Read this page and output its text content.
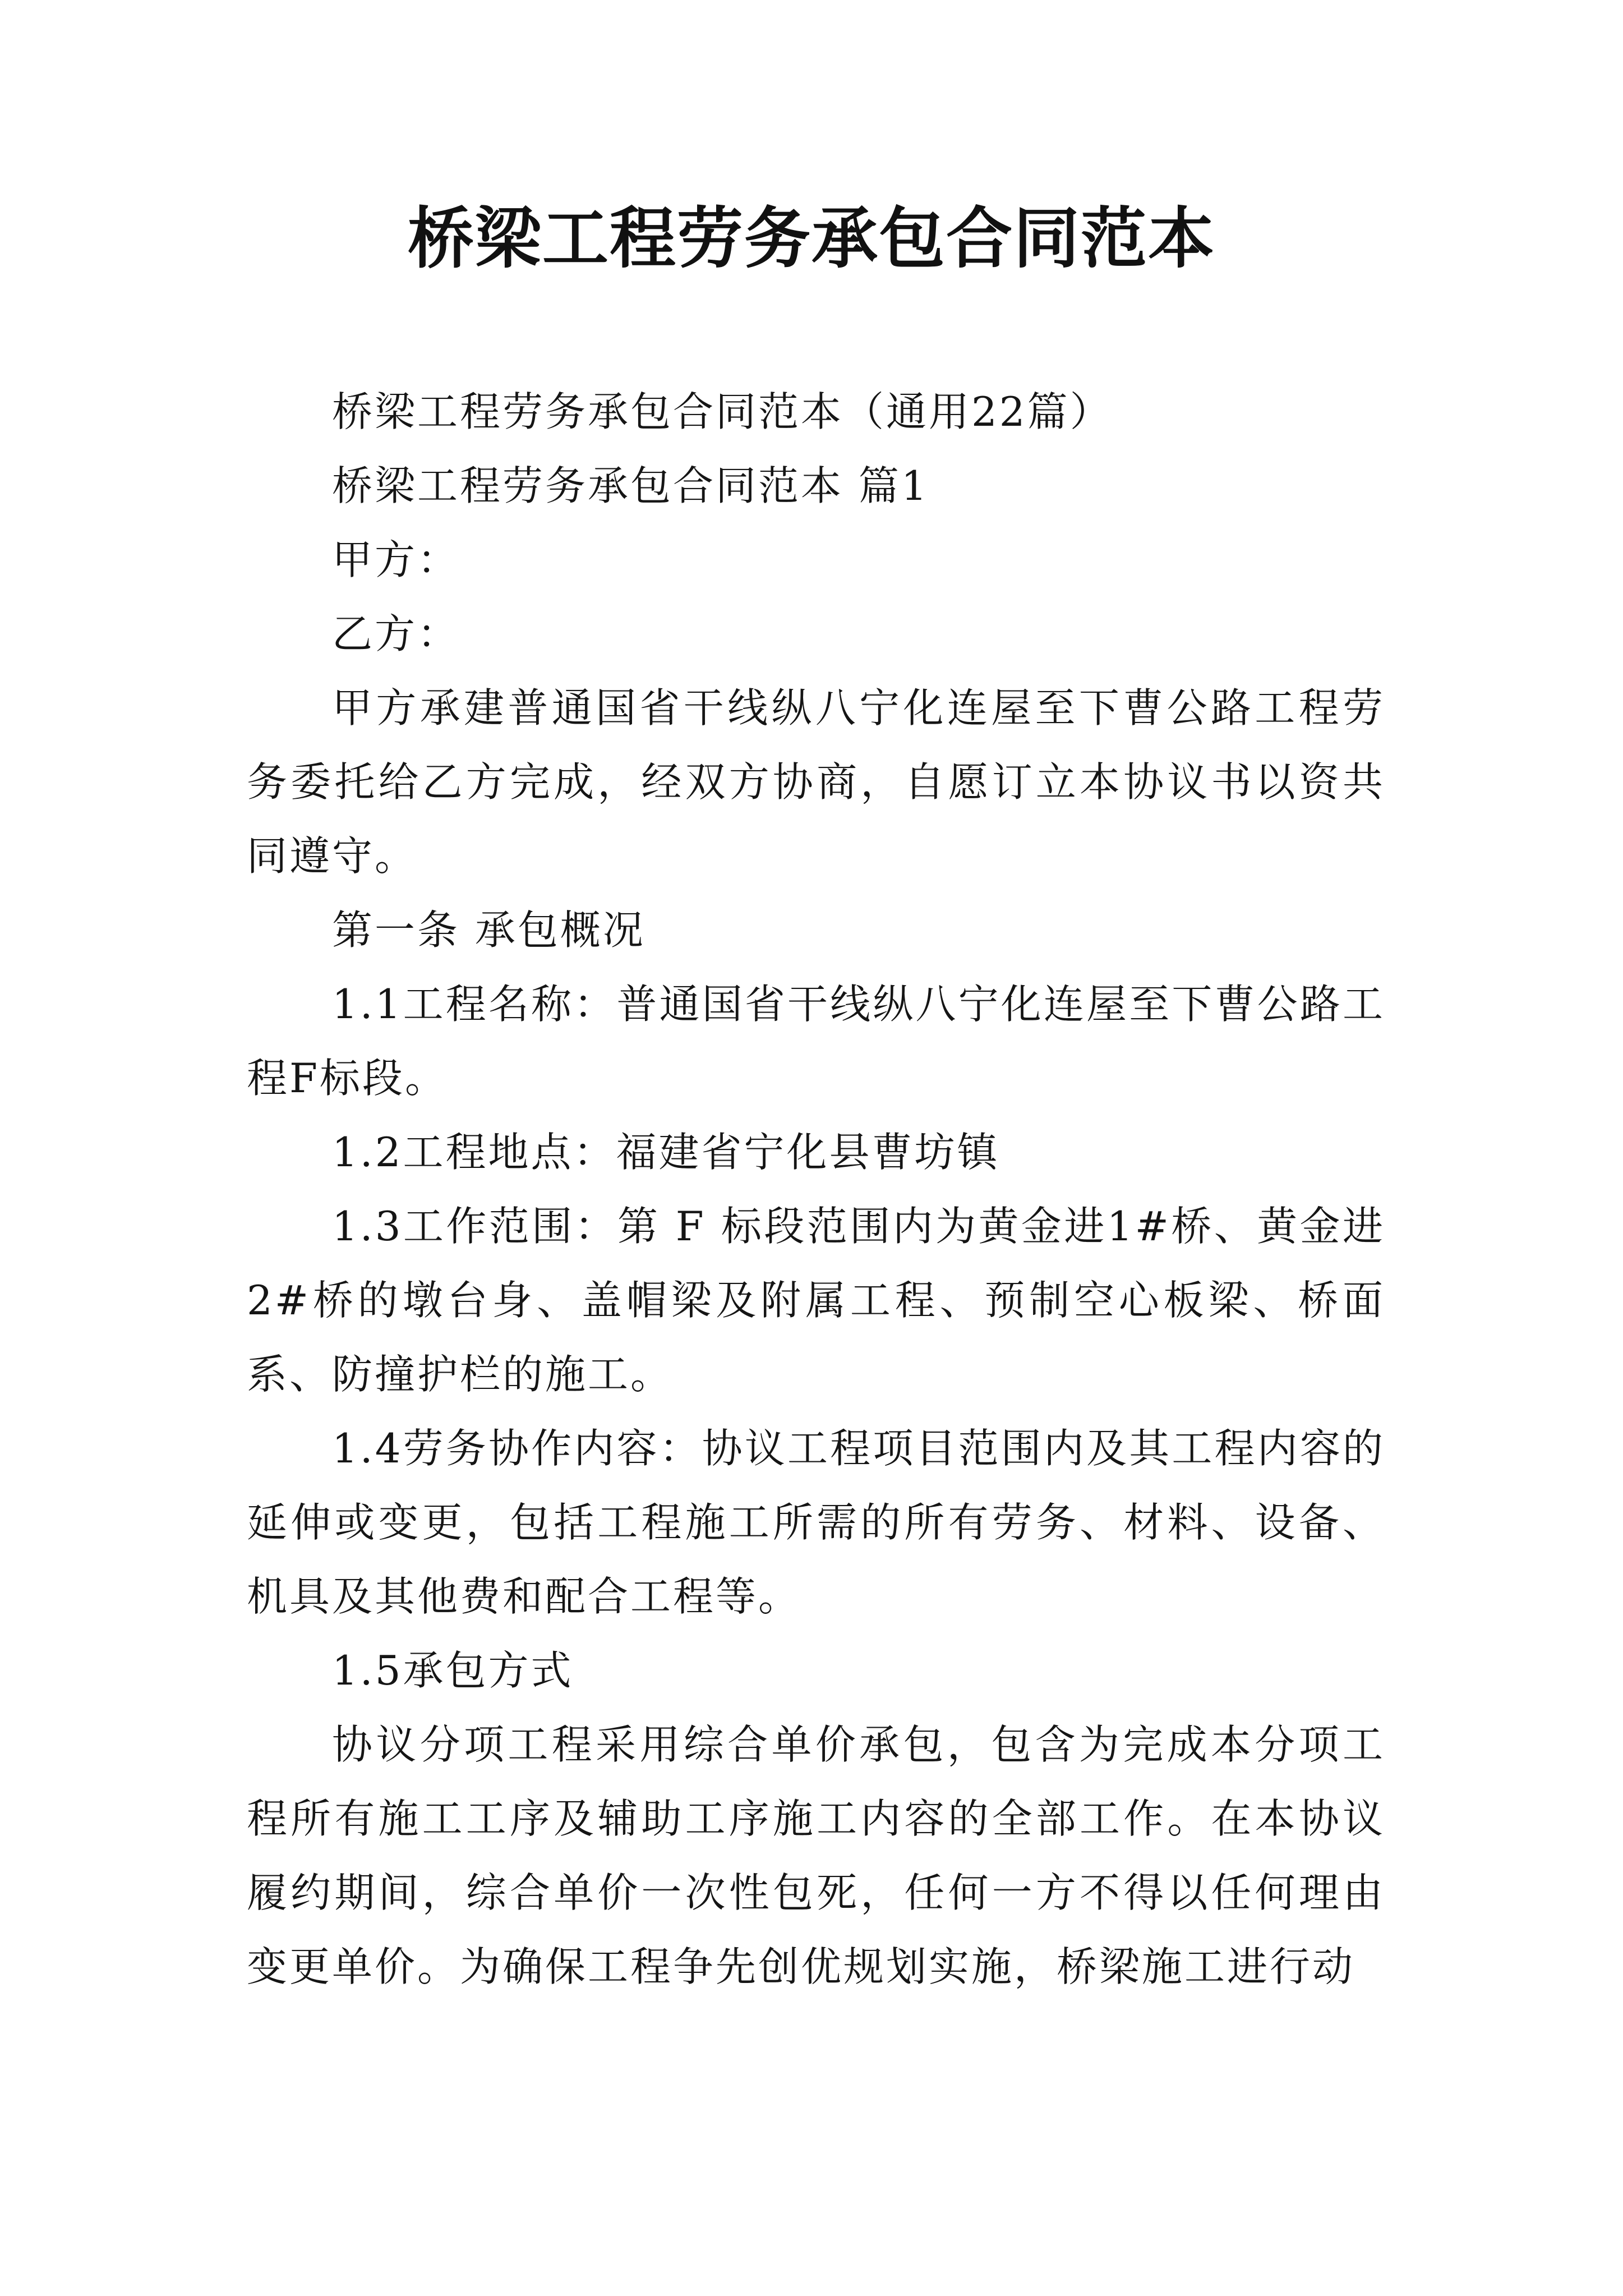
桥梁工程劳务承包合同范本

桥梁工程劳务承包合同范本（通用22篇）

桥梁工程劳务承包合同范本 篇1

甲方：

乙方：

甲方承建普通国省干线纵八宁化连屋至下曹公路工程劳务委托给乙方完成，经双方协商，自愿订立本协议书以资共同遵守。

第一条 承包概况

1.1工程名称：普通国省干线纵八宁化连屋至下曹公路工程F标段。

1.2工程地点：福建省宁化县曹坊镇

1.3工作范围：第 F 标段范围内为黄金进1#桥、黄金进2#桥的墩台身、盖帽梁及附属工程、预制空心板梁、桥面系、防撞护栏的施工。

1.4劳务协作内容：协议工程项目范围内及其工程内容的延伸或变更，包括工程施工所需的所有劳务、材料、设备、机具及其他费和配合工程等。

1.5承包方式

协议分项工程采用综合单价承包，包含为完成本分项工程所有施工工序及辅助工序施工内容的全部工作。在本协议履约期间，综合单价一次性包死，任何一方不得以任何理由变更单价。为确保工程争先创优规划实施，桥梁施工进行动
